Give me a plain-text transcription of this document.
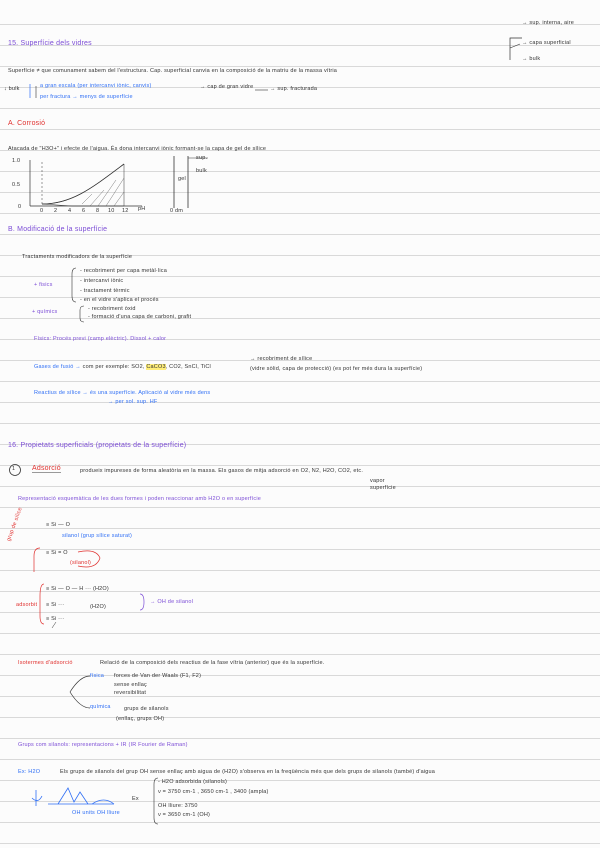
15. Superfície dels vidres
Superfície ≠ que comunament sabem del l'estructura. Cap. superficial canvia en la composició de la matriu de la massa vítria
↓ bulk	a gran escala (per intercanvi iònic, canvis)
per fractura → menys de superfície
→ cap de gran vidre	→ sup. fracturada
→ sup. interna, aire
→ capa superficial
→ bulk
A. Corrosió
Atacada de "H3O+" i efecte de l'aigua. És dona intercanvi iònic formant-se la capa de gel de sílice
1.0
0.5
0
0 2 4 6 8 10 12 pH
sup.
gel
bulk
0 dm
B. Modificació de la superfície
Tractaments modificadors de la superfície
+ fisics
- recobriment per capa metàl·lica
- intercanvi iònic
- tractament tèrmic
- en el vidre s'aplica el procés
+ químics	- recobriment òxid
- formació d'una capa de carboni, grafit
Físics: Procés previ (camp elèctric). Dissol + calor
Gases de fusió → com per exemple: SO2, CaCO3, CO2, SnCl, TiCl
→ recobriment de sílice
(vidre sòlid, capa de protecció) (es pot fer més dura la superfície)
Reactius de sílice → és una superfície. Aplicació al vidre més dens
→ per sol. sup. HF
16. Propietats superficials (propietats de la superfície)
1 Adsorció	produeix impureses de forma aleatòria en la massa. Els gasos de mitja adsorció en O2, N2, H2O, CO2, etc.
vapor
superfície
Representació esquemàtica de les dues formes i poden reaccionar amb H2O o en superfície
≡ Si — O
silanol (grup sílice saturat)
≡ Si = O
(silanol)
≡ Si — O — H ··· (H2O)
≡ Si ···
≡ Si ···
(H2O)
grup de sílice
adsorbit	→ OH de silanol
Isotermes d'adsorció	Relació de la composició dels reactius de la fase vítria (anterior) que és la superfície.
física forces de Van der Waals (F1, F2)
sense enllaç
reversibilitat
química grups de silanols
(enllaç, grups OH)
Grups com silanols: representacions + IR (IR Fourier de Raman)
Ex: H2O	Els grups de silanols del grup OH sense enllaç amb aigua de (H2O) s'observa en la freqüència més que dels grups de silanols (també) d'aigua
OH units OH lliure
Ex
- H2O adsorbida (silanols)
ν = 3750 cm-1 , 3650 cm-1 , 3400 (ampla)
OH lliure: 3750
ν = 3650 cm-1 (OH)
